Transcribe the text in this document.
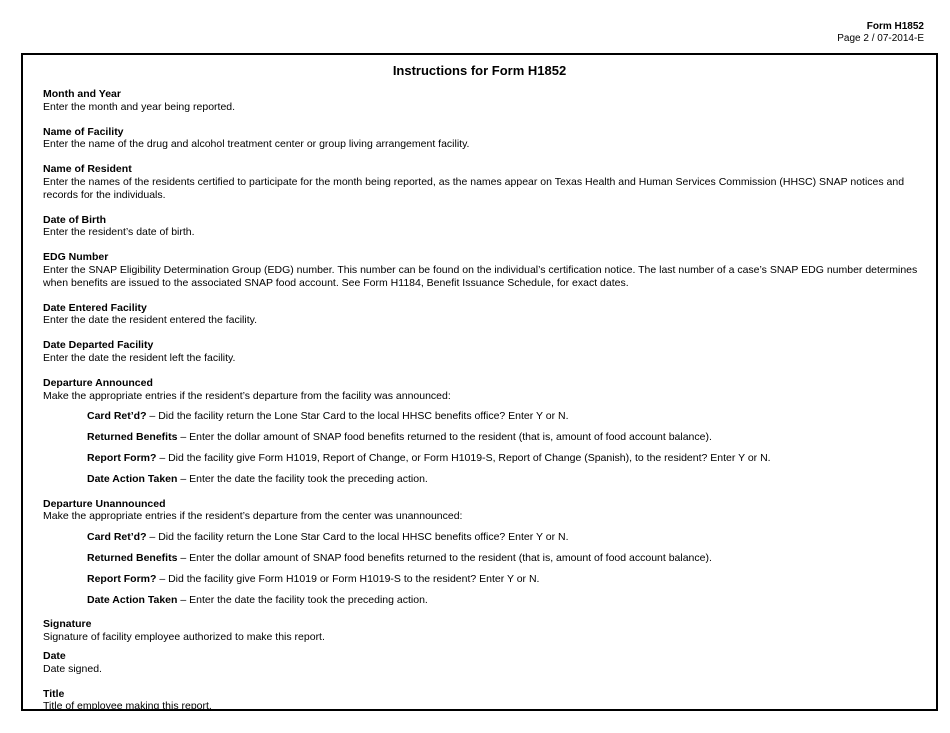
Form H1852
Page 2 / 07-2014-E
Instructions for Form H1852
Month and Year
Enter the month and year being reported.
Name of Facility
Enter the name of the drug and alcohol treatment center or group living arrangement facility.
Name of Resident
Enter the names of the residents certified to participate for the month being reported, as the names appear on Texas Health and Human Services Commission (HHSC) SNAP notices and records for the individuals.
Date of Birth
Enter the resident’s date of birth.
EDG Number
Enter the SNAP Eligibility Determination Group (EDG) number. This number can be found on the individual’s certification notice. The last number of a case’s SNAP EDG number determines when benefits are issued to the associated SNAP food account. See Form H1184, Benefit Issuance Schedule, for exact dates.
Date Entered Facility
Enter the date the resident entered the facility.
Date Departed Facility
Enter the date the resident left the facility.
Departure Announced
Make the appropriate entries if the resident’s departure from the facility was announced:
Card Ret’d? – Did the facility return the Lone Star Card to the local HHSC benefits office? Enter Y or N.
Returned Benefits – Enter the dollar amount of SNAP food benefits returned to the resident (that is, amount of food account balance).
Report Form? – Did the facility give Form H1019, Report of Change, or Form H1019-S, Report of Change (Spanish), to the resident? Enter Y or N.
Date Action Taken – Enter the date the facility took the preceding action.
Departure Unannounced
Make the appropriate entries if the resident’s departure from the center was unannounced:
Card Ret’d? – Did the facility return the Lone Star Card to the local HHSC benefits office? Enter Y or N.
Returned Benefits – Enter the dollar amount of SNAP food benefits returned to the resident (that is, amount of food account balance).
Report Form? – Did the facility give Form H1019 or Form H1019-S to the resident? Enter Y or N.
Date Action Taken – Enter the date the facility took the preceding action.
Signature
Signature of facility employee authorized to make this report.
Date
Date signed.
Title
Title of employee making this report.
